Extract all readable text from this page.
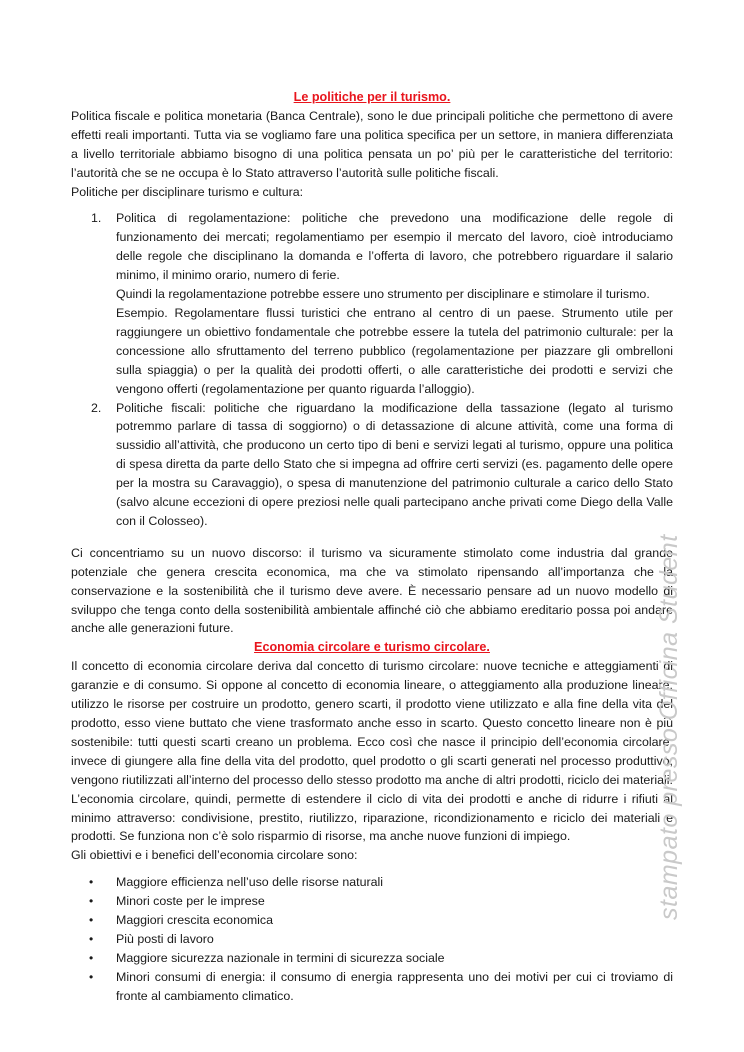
Le politiche per il turismo.

Politica fiscale e politica monetaria (Banca Centrale), sono le due principali politiche che permettono di avere effetti reali importanti. Tutta via se vogliamo fare una politica specifica per un settore, in maniera differenziata a livello territoriale abbiamo bisogno di una politica pensata un po’ più per le caratteristiche del territorio: l’autorità che se ne occupa è lo Stato attraverso l’autorità sulle politiche fiscali.

Politiche per disciplinare turismo e cultura:

1. Politica di regolamentazione: politiche che prevedono una modificazione delle regole di funzionamento dei mercati; regolamentiamo per esempio il mercato del lavoro, cioè introduciamo delle regole che disciplinano la domanda e l’offerta di lavoro, che potrebbero riguardare il salario minimo, il minimo orario, numero di ferie.

Quindi la regolamentazione potrebbe essere uno strumento per disciplinare e stimolare il turismo.

Esempio. Regolamentare flussi turistici che entrano al centro di un paese. Strumento utile per raggiungere un obiettivo fondamentale che potrebbe essere la tutela del patrimonio culturale: per la concessione allo sfruttamento del terreno pubblico (regolamentazione per piazzare gli ombrelloni sulla spiaggia) o per la qualità dei prodotti offerti, o alle caratteristiche dei prodotti e servizi che vengono offerti (regolamentazione per quanto riguarda l’alloggio).

2. Politiche fiscali: politiche che riguardano la modificazione della tassazione (legato al turismo potremmo parlare di tassa di soggiorno) o di detassazione di alcune attività, come una forma di sussidio all’attività, che producono un certo tipo di beni e servizi legati al turismo, oppure una politica di spesa diretta da parte dello Stato che si impegna ad offrire certi servizi (es. pagamento delle opere per la mostra su Caravaggio), o spesa di manutenzione del patrimonio culturale a carico dello Stato (salvo alcune eccezioni di opere preziosi nelle quali partecipano anche privati come Diego della Valle con il Colosseo).

Ci concentriamo su un nuovo discorso: il turismo va sicuramente stimolato come industria dal grande potenziale che genera crescita economica, ma che va stimolato ripensando all’importanza che la conservazione e la sostenibilità che il turismo deve avere. È necessario pensare ad un nuovo modello di sviluppo che tenga conto della sostenibilità ambientale affinché ciò che abbiamo ereditario possa poi andare anche alle generazioni future.

Economia circolare e turismo circolare.

Il concetto di economia circolare deriva dal concetto di turismo circolare: nuove tecniche e atteggiamenti di garanzie e di consumo. Si oppone al concetto di economia lineare, o atteggiamento alla produzione lineare: utilizzo le risorse per costruire un prodotto, genero scarti, il prodotto viene utilizzato e alla fine della vita del prodotto, esso viene buttato che viene trasformato anche esso in scarto. Questo concetto lineare non è più sostenibile: tutti questi scarti creano un problema. Ecco così che nasce il principio dell’economia circolare: invece di giungere alla fine della vita del prodotto, quel prodotto o gli scarti generati nel processo produttivo, vengono riutilizzati all’interno del processo dello stesso prodotto ma anche di altri prodotti, riciclo dei materiali. L’economia circolare, quindi, permette di estendere il ciclo di vita dei prodotti e anche di ridurre i rifiuti al minimo attraverso: condivisione, prestito, riutilizzo, riparazione, ricondizionamento e riciclo dei materiali e prodotti. Se funziona non c’è solo risparmio di risorse, ma anche nuove funzioni di impiego.

Gli obiettivi e i benefici dell’economia circolare sono:

• Maggiore efficienza nell’uso delle risorse naturali
• Minori coste per le imprese
• Maggiori crescita economica
• Più posti di lavoro
• Maggiore sicurezza nazionale in termini di sicurezza sociale
• Minori consumi di energia: il consumo di energia rappresenta uno dei motivi per cui ci troviamo di fronte al cambiamento climatico.
stampato presso Officina Student
